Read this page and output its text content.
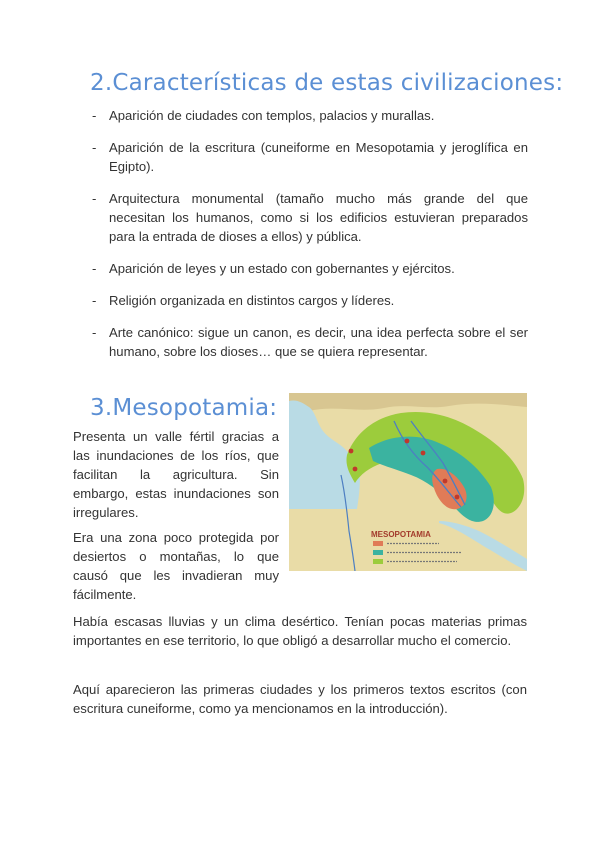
2.Características de estas civilizaciones:
- Aparición de ciudades con templos, palacios y murallas.
- Aparición de la escritura (cuneiforme en Mesopotamia y jeroglífica en Egipto).
- Arquitectura monumental (tamaño mucho más grande del que necesitan los humanos, como si los edificios estuvieran preparados para la entrada de dioses a ellos) y pública.
- Aparición de leyes y un estado con gobernantes y ejércitos.
- Religión organizada en distintos cargos y líderes.
- Arte canónico: sigue un canon, es decir, una idea perfecta sobre el ser humano, sobre los dioses… que se quiera representar.
3.Mesopotamia:

Presenta un valle fértil gracias a las inundaciones de los ríos, que facilitan la agricultura. Sin embargo, estas inundaciones son irregulares.

Era una zona poco protegida por desiertos o montañas, lo que causó que les invadieran muy fácilmente.

Había escasas lluvias y un clima desértico. Tenían pocas materias primas importantes en ese territorio, lo que obligó a desarrollar mucho el comercio.

Aquí aparecieron las primeras ciudades y los primeros textos escritos (con escritura cuneiforme, como ya mencionamos en la introducción).

MESOPOTAMIA
